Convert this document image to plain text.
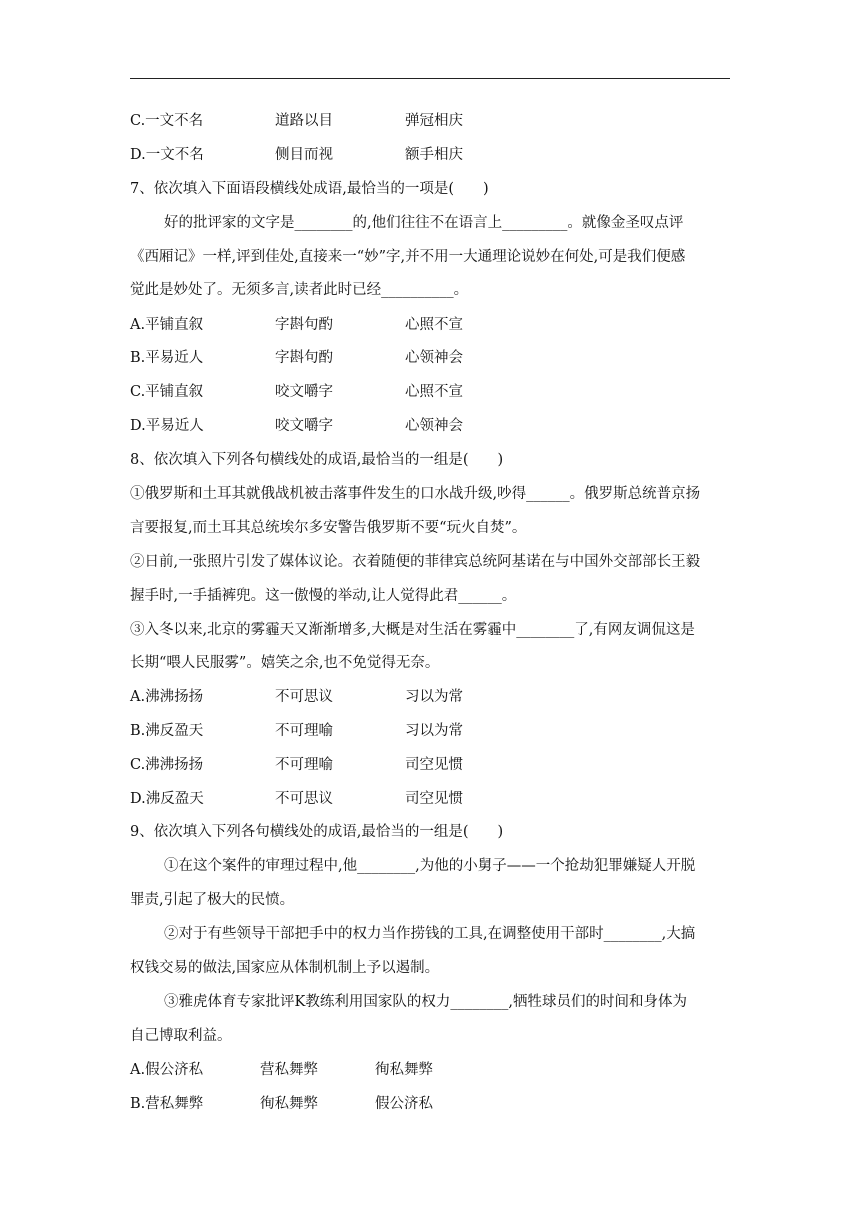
C.一文不名	道路以目	弹冠相庆
D.一文不名	侧目而视	额手相庆
7、依次填入下面语段横线处成语,最恰当的一项是(　　)
好的批评家的文字是________的,他们往往不在语言上_________。就像金圣叹点评
《西厢记》一样,评到佳处,直接来一“妙”字,并不用一大通理论说妙在何处,可是我们便感
觉此是妙处了。无须多言,读者此时已经__________。
A.平铺直叙	字斟句酌	心照不宣
B.平易近人	字斟句酌	心领神会
C.平铺直叙	咬文嚼字	心照不宣
D.平易近人	咬文嚼字	心领神会
8、依次填入下列各句横线处的成语,最恰当的一组是(　　)
①俄罗斯和土耳其就俄战机被击落事件发生的口水战升级,吵得______。俄罗斯总统普京扬
言要报复,而土耳其总统埃尔多安警告俄罗斯不要“玩火自焚”。
②日前,一张照片引发了媒体议论。衣着随便的菲律宾总统阿基诺在与中国外交部部长王毅
握手时,一手插裤兜。这一傲慢的举动,让人觉得此君______。
③入冬以来,北京的雾霾天又渐渐增多,大概是对生活在雾霾中________了,有网友调侃这是
长期“喂人民服雾”。嬉笑之余,也不免觉得无奈。
A.沸沸扬扬	不可思议	习以为常
B.沸反盈天	不可理喻	习以为常
C.沸沸扬扬	不可理喻	司空见惯
D.沸反盈天	不可思议	司空见惯
9、依次填入下列各句横线处的成语,最恰当的一组是(　　)
①在这个案件的审理过程中,他________,为他的小舅子——一个抢劫犯罪嫌疑人开脱
罪责,引起了极大的民愤。
②对于有些领导干部把手中的权力当作捞钱的工具,在调整使用干部时________,大搞
权钱交易的做法,国家应从体制机制上予以遏制。
③雅虎体育专家批评K教练利用国家队的权力________,牺牲球员们的时间和身体为
自己博取利益。
A.假公济私	营私舞弊	徇私舞弊
B.营私舞弊	徇私舞弊	假公济私
